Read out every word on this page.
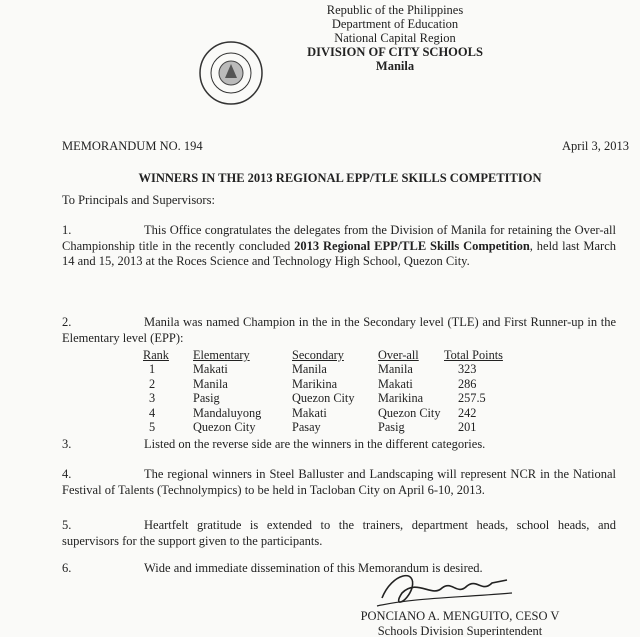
Republic of the Philippines
Department of Education
National Capital Region
DIVISION OF CITY SCHOOLS
Manila
MEMORANDUM NO. 194	April 3, 2013
WINNERS IN THE 2013 REGIONAL EPP/TLE SKILLS COMPETITION
To Principals and Supervisors:
1.	This Office congratulates the delegates from the Division of Manila for retaining the Over-all Championship title in the recently concluded 2013 Regional EPP/TLE Skills Competition, held last March 14 and 15, 2013 at the Roces Science and Technology High School, Quezon City.
2.	Manila was named Champion in the in the Secondary level (TLE) and First Runner-up in the Elementary level (EPP):
Rank	Elementary	Secondary	Over-all	Total Points
1	Makati	Manila	Manila	323
2	Manila	Marikina	Makati	286
3	Pasig	Quezon City	Marikina	257.5
4	Mandaluyong	Makati	Quezon City	242
5	Quezon City	Pasay	Pasig	201
3.	Listed on the reverse side are the winners in the different categories.
4.	The regional winners in Steel Balluster and Landscaping will represent NCR in the National Festival of Talents (Technolympics) to be held in Tacloban City on April 6-10, 2013.
5.	Heartfelt gratitude is extended to the trainers, department heads, school heads, and supervisors for the support given to the participants.
6.	Wide and immediate dissemination of this Memorandum is desired.
PONCIANO A. MENGUITO, CESO V
Schools Division Superintendent
